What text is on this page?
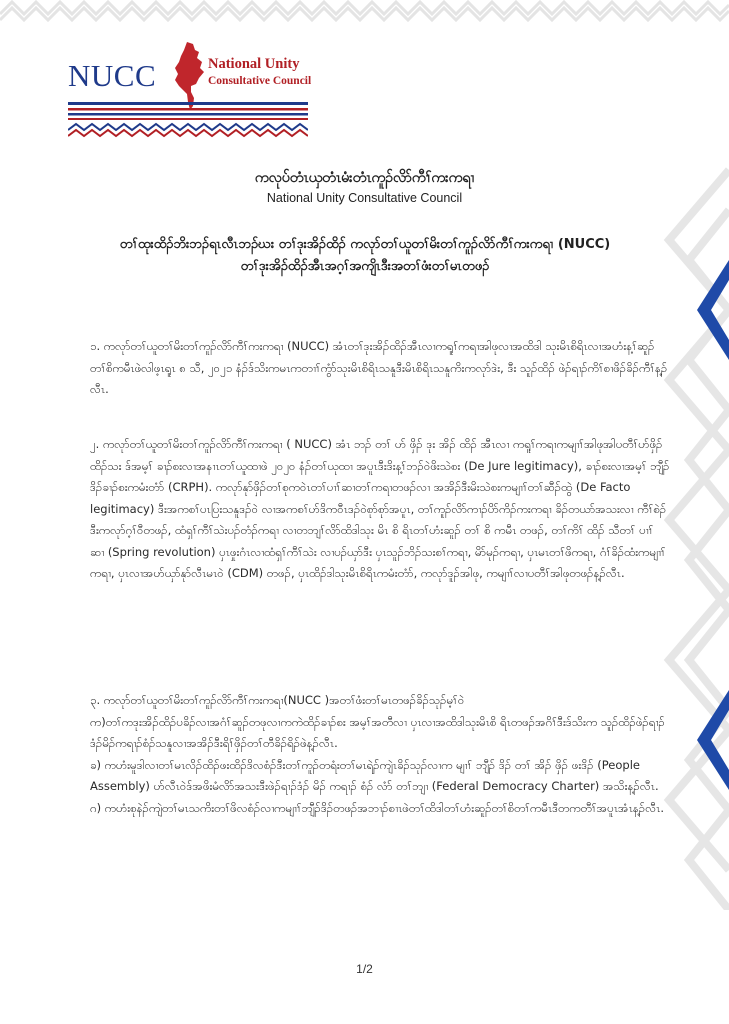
NUCC	National Unity
Consultative Council
ကလုပ်တံၤယှတံၤမံးတံၤကူၣ်လိာ်ကီၢ်ကးကရၢ
National Unity Consultative Council
တၢ်ထုးထိၣ်ဘိးဘၣ်ရၤလီၤဘၣ်ဃး တၢ်ဒုးအိၣ်ထိၣ် ကလုာ်တၢ်ယူတၢ်မိးတၢ်ကူၣ်လိာ်ကီၢ်ကးကရၢ (NUCC)
တၢ်ဒုးအိၣ်ထိၣ်အီၤအဂ့ၢ်အကျိၤဒီးအတၢ်ဖံးတၢ်မၤတဖၣ်
၁. ကလုာ်တၢ်ယူတၢ်မိးတၢ်ကူၣ်လိာ်ကီၢ်ကးကရၢ (NUCC) အံၤတၢ်ဒုးအိၣ်ထိၣ်အီၤလၢကရူၢ်ကရၢအါဖုလၢအထိဒါ သုးမိၤစိရိၤလၢအဟံးန့ၢ်ဆူၣ်တၢ်စိကမီၤဖဲလါဖ့ၤရူၤ ၈ သီ, ၂၀၂၁ နံၣ်ဒ်သိးကမၤကတၢၢ်ကွံာ်သုးမိၤစိရိၤသနူဒီးမိၤစိရိၤသနူကိးကလုာ်ဒဲး, ဒီး သူၣ်ထိၣ် ဖဲၣ်ရၢၣ်ကိၢ်စၢဖိၣ်ခိၣ်ကီၢ်န့ၣ်လီၤ.
၂. ကလုာ်တၢ်ယူတၢ်မိးတၢ်ကူၣ်လိာ်ကီၢ်ကးကရၢ ( NUCC) အံၤ ဘၣ် တၢ် ဟ် ဖှိၣ် ဒုး အိၣ် ထိၣ် အီၤလၢ ကရူၢ်ကရၢကမျၢၢ်အါဖုအါပတီၢ်ဟ်ဖှိၣ်ထိၣ်သး ဒ်အမ့ၢ် ခၢၣ်စးလၢအနၢၤတၢ်ယူထၢဖဲ ၂၀၂၀ နံၣ်တၢ်ယုထၢ အပူၤဒီးဒိးန့ၢ်ဘၣ်ဝဲဖိးသဲစး (De Jure legitimacy), ခၢၣ်စးလၢအမ့ၢ် ဘျီၣ်ဒိၣ်ခၢၣ်စးကမံးတံာ် (CRPH). ကလုာ်နုာ်ဖှိၣ်တၢ်စုကဝဲၤတၢ်ပၢၢ်ဆၢတၢ်ကရၢတဖၣ်လၢ အအိၣ်ဒီးမိးသဲစးကမျၢၢ်တၢ်ဆီၣ်ထွဲ (De Facto legitimacy) ဒီးအကစၢ်ပၤပြးသနူဒၣ်ဝဲ လၢအကစၢ်ဟ်ဒိကဝီၤဒၣ်ဝဲစုာ်စုာ်အပူၤ, တၢ်ကူၣ်လိာ်ကၢၣ်ပိာ်ကိၣ်ကးကရၢ ခိၣ်တယာ်အသးလၢ ကီၢ်စဲၣ်ဒီးကလုာ်ဂ့ၢ်ဝီတဖၣ်, ထံရှၢ်ကီၢ်သဲးပၣ်တံၣ်ကရၢ လၢတဘျၢ်လိာ်ထိဒါသုး မိၤ စိ ရိၤတၢ်ဟံးဆူၣ် တၢ် စိ ကမီၤ တဖၣ်, တၢ်ကိၢ် ထိၣ် သီတၢ် ပၢၢ် ဆၢ (Spring revolution) ပှၤဖှုးဂံၤလၢထံရှၢ်ကီၢ်သဲး လၢပၣ်ယှာ်ဒီး ပှၤသူၣ်ဘိၣ်သးစၢ်ကရၢ, မိာ်မုၣ်ကရၢ, ပှၤမၤတၢ်ဖိကရၢ, ဂံၢ်ခိၣ်ထံးကမျၢၢ်ကရၢ, ပှၤလၢအဟ်ယှာ်နုာ်လီၤမၤဝဲ (CDM) တဖၣ်, ပှၤထိၣ်ဒါသုးမိၤစိရိၤကမံးတံာ်, ကလုာ်ဒူၣ်အါဖု, ကမျၢၢ်လၢပတီၢ်အါဖုတဖၣ်န့ၣ်လီၤ.
၃. ကလုာ်တၢ်ယူတၢ်မိးတၢ်ကူၣ်လိာ်ကီၢ်ကးကရၢ(NUCC )အတၢ်ဖံးတၢ်မၤတဖၣ်ခိၣ်သုၣ်မ့ၢ်ဝဲ
က)တၢ်ကဒုးအိၣ်ထိၣ်ပခိၣ်လၢအဂံၢ်ဆူၣ်တဖုလၢကကဲထိၣ်ခၢၣ်စး အမ့ၢ်အတီလၢ ပှၤလၢအထိဒါသုးမိၤစိ ရိၤတဖၣ်အဂိၢ်ဒီးဒ်သိးက သူၣ်ထိၣ်ဖဲၣ်ရၢၣ်ဒံၣ်မိၣ်ကရၢၣ်စံၣ်သနူလၢအအိၣ်ဒီးရိၢ်ဖှိၣ်တၢ်တီခိၣ်ရိၣ်ဖဲန့ၣ်လီၤ.
ခ) ကဟံးမူဒါလၢတၢ်မၤလိၣ်ထိၣ်ဖးထိၣ်ဒိလစံၣ်ဒီးတၢ်ကူၣ်တရံးတၢ်မၤရဲၣ်ကျဲၤခိၣ်သုၣ်လၢက မျၢၢ် ဘျီၣ် ဒိၣ် တၢ် အိၣ် ဖှိၣ် ဖးဒိၣ် (People Assembly) ဟ်လီၤဝဲဒ်အဖိးမံလိာ်အသးဒီးဖဲၣ်ရၢၣ်ဒံၣ် မိၣ် ကရၢၣ် စံၣ် လံာ် တၢ်ဘျၢ (Federal Democracy Charter) အသိးန့ၣ်လီၤ.
ဂ) ကဟံးစုနဲၣ်ကျဲတၢ်မၤသကိးတၢ်ဖိလစံၣ်လၢကမျၢၢ်ဘျီၣ်ဒိၣ်တဖၣ်အဘၢၣ်စၢၤဖဲတၢ်ထိဒါတၢ်ဟံးဆူၣ်တၢ်စိတၢ်ကမီၤဒီတကတီၢ်အပူၤအံၤန့ၣ်လီၤ.
1/2
